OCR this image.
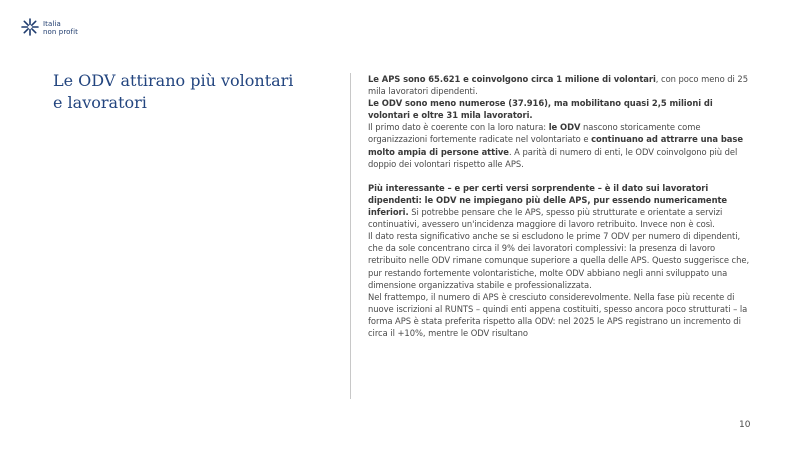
Italia
non profit
Le ODV attirano più volontari e lavoratori

Le APS sono 65.621 e coinvolgono circa 1 milione di volontari, con poco meno di 25 mila lavoratori dipendenti.

Le ODV sono meno numerose (37.916), ma mobilitano quasi 2,5 milioni di volontari e oltre 31 mila lavoratori.

Il primo dato è coerente con la loro natura: le ODV nascono storicamente come organizzazioni fortemente radicate nel volontariato e continuano ad attrarre una base molto ampia di persone attive. A parità di numero di enti, le ODV coinvolgono più del doppio dei volontari rispetto alle APS.

Più interessante – e per certi versi sorprendente – è il dato sui lavoratori dipendenti: le ODV ne impiegano più delle APS, pur essendo numericamente inferiori. Si potrebbe pensare che le APS, spesso più strutturate e orientate a servizi continuativi, avessero un'incidenza maggiore di lavoro retribuito. Invece non è così.

Il dato resta significativo anche se si escludono le prime 7 ODV per numero di dipendenti, che da sole concentrano circa il 9% dei lavoratori complessivi: la presenza di lavoro retribuito nelle ODV rimane comunque superiore a quella delle APS. Questo suggerisce che, pur restando fortemente volontaristiche, molte ODV abbiano negli anni sviluppato una dimensione organizzativa stabile e professionalizzata.

Nel frattempo, il numero di APS è cresciuto considerevolmente. Nella fase più recente di nuove iscrizioni al RUNTS – quindi enti appena costituiti, spesso ancora poco strutturati – la forma APS è stata preferita rispetto alla ODV: nel 2025 le APS registrano un incremento di circa il +10%, mentre le ODV risultano

10
